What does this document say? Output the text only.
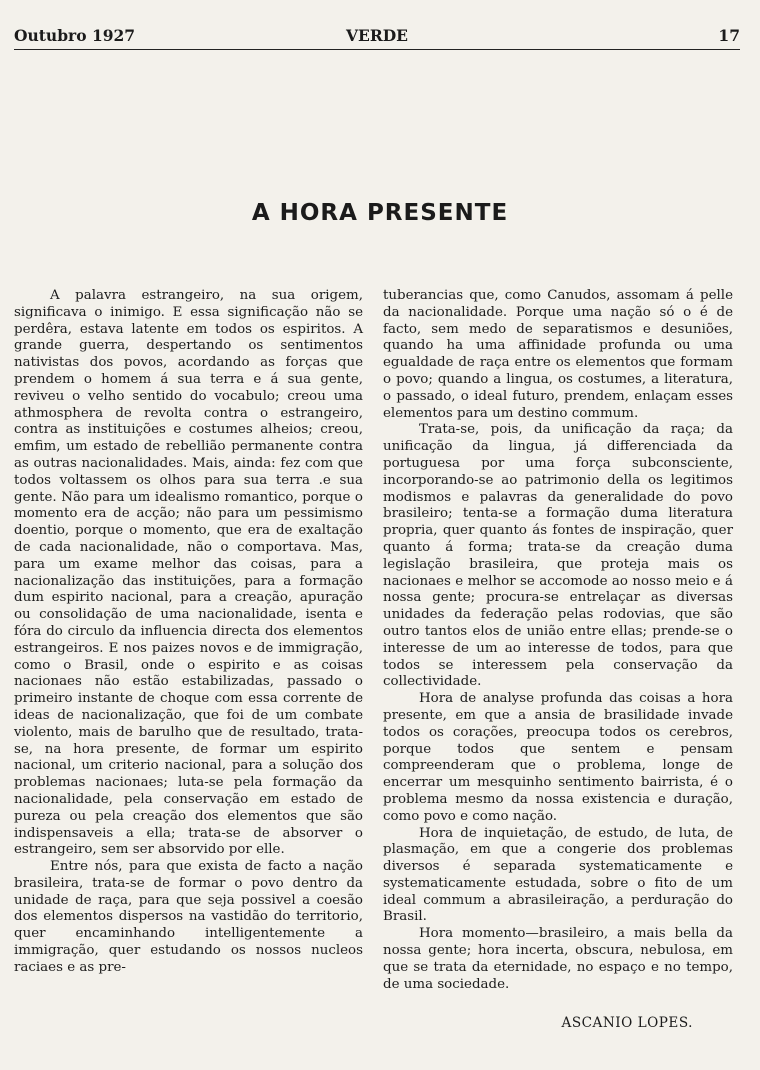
VERDE
Outubro 1927	17
A HORA PRESENTE

A palavra estrangeiro, na sua origem, significava o inimigo. E essa significação não se perdêra, estava latente em todos os espiritos. A grande guerra, despertando os sentimentos nativistas dos povos, acordando as forças que prendem o homem á sua terra e á sua gente, reviveu o velho sentido do vocabulo; creou uma athmosphera de revolta contra o estrangeiro, contra as instituições e costumes alheios; creou, emfim, um estado de rebellião permanente contra as outras nacionalidades. Mais, ainda: fez com que todos voltassem os olhos para sua terra .e sua gente. Não para um idealismo romantico, porque o momento era de acção; não para um pessimismo doentio, porque o momento, que era de exaltação de cada nacionalidade, não o comportava. Mas, para um exame melhor das coisas, para a nacionalização das instituições, para a formação dum espirito nacional, para a creação, apuração ou consolidação de uma nacionalidade, isenta e fóra do circulo da influencia directa dos elementos estrangeiros. E nos paizes novos e de immigração, como o Brasil, onde o espirito e as coisas nacionaes não estão estabilizadas, passado o primeiro instante de choque com essa corrente de ideas de nacionalização, que foi de um combate violento, mais de barulho que de resultado, trata-se, na hora presente, de formar um espirito nacional, um criterio nacional, para a solução dos problemas nacionaes; luta-se pela formação da nacionalidade, pela conservação em estado de pureza ou pela creação dos elementos que são indispensaveis a ella; trata-se de absorver o estrangeiro, sem ser absorvido por elle.

Entre nós, para que exista de facto a nação brasileira, trata-se de formar o povo dentro da unidade de raça, para que seja possivel a coesão dos elementos dispersos na vastidão do territorio, quer encaminhando intelligentemente a immigração, quer estudando os nossos nucleos raciaes e as pre-

tuberancias que, como Canudos, assomam á pelle da nacionalidade. Porque uma nação só o é de facto, sem medo de separatismos e desuniões, quando ha uma affinidade profunda ou uma egualdade de raça entre os elementos que formam o povo; quando a lingua, os costumes, a literatura, o passado, o ideal futuro, prendem, enlaçam esses elementos para um destino commum.

Trata-se, pois, da unificação da raça; da unificação da lingua, já differenciada da portuguesa por uma força subconsciente, incorporando-se ao patrimonio della os legitimos modismos e palavras da generalidade do povo brasileiro; tenta-se a formação duma literatura propria, quer quanto ás fontes de inspiração, quer quanto á forma; trata-se da creação duma legislação brasileira, que proteja mais os nacionaes e melhor se accomode ao nosso meio e á nossa gente; procura-se entrelaçar as diversas unidades da federação pelas rodovias, que são outro tantos elos de união entre ellas; prende-se o interesse de um ao interesse de todos, para que todos se interessem pela conservação da collectividade.

Hora de analyse profunda das coisas a hora presente, em que a ansia de brasilidade invade todos os corações, preocupa todos os cerebros, porque todos que sentem e pensam compreenderam que o problema, longe de encerrar um mesquinho sentimento bairrista, é o problema mesmo da nossa existencia e duração, como povo e como nação.

Hora de inquietação, de estudo, de luta, de plasmação, em que a congerie dos problemas diversos é separada systematicamente e systematicamente estudada, sobre o fito de um ideal commum a abrasileiração, a perduração do Brasil.

Hora momento—brasileiro, a mais bella da nossa gente; hora incerta, obscura, nebulosa, em que se trata da eternidade, no espaço e no tempo, de uma sociedade.

ASCANIO LOPES.
